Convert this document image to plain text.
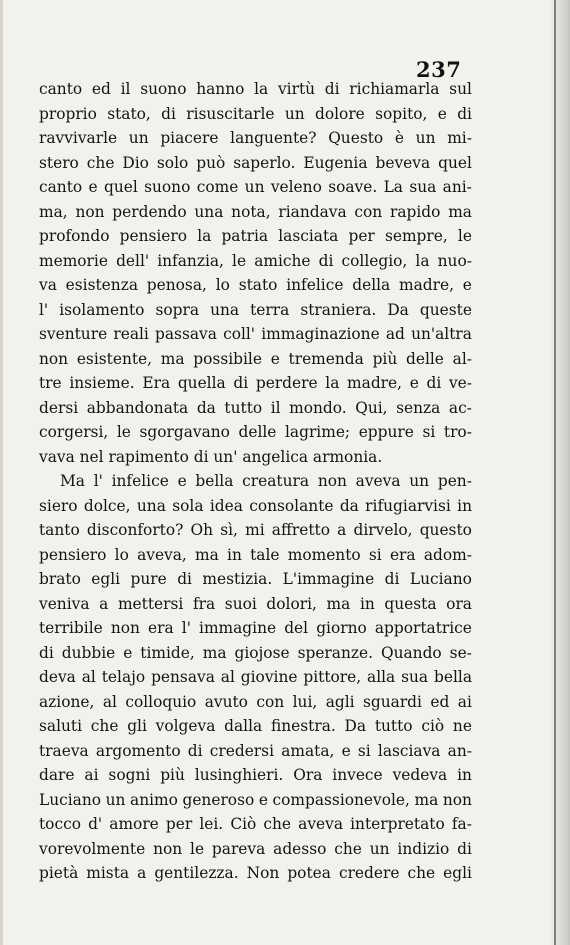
237
canto ed il suono hanno la virtù di richiamarla sul
proprio stato, di risuscitarle un dolore sopito, e di
ravvivarle un piacere languente? Questo è un mi-
stero che Dio solo può saperlo. Eugenia beveva quel
canto e quel suono come un veleno soave. La sua ani-
ma, non perdendo una nota, riandava con rapido ma
profondo pensiero la patria lasciata per sempre, le
memorie dell' infanzia, le amiche di collegio, la nuo-
va esistenza penosa, lo stato infelice della madre, e
l' isolamento sopra una terra straniera. Da queste
sventure reali passava coll' immaginazione ad un'altra
non esistente, ma possibile e tremenda più delle al-
tre insieme. Era quella di perdere la madre, e di ve-
dersi abbandonata da tutto il mondo. Qui, senza ac-
corgersi, le sgorgavano delle lagrime; eppure si tro-
vava nel rapimento di un' angelica armonia.
Ma l' infelice e bella creatura non aveva un pen-
siero dolce, una sola idea consolante da rifugiarvisi in
tanto disconforto? Oh sì, mi affretto a dirvelo, questo
pensiero lo aveva, ma in tale momento si era adom-
brato egli pure di mestizia. L'immagine di Luciano
veniva a mettersi fra suoi dolori, ma in questa ora
terribile non era l' immagine del giorno apportatrice
di dubbie e timide, ma giojose speranze. Quando se-
deva al telajo pensava al giovine pittore, alla sua bella
azione, al colloquio avuto con lui, agli sguardi ed ai
saluti che gli volgeva dalla finestra. Da tutto ciò ne
traeva argomento di credersi amata, e si lasciava an-
dare ai sogni più lusinghieri. Ora invece vedeva in
Luciano un animo generoso e compassionevole, ma non
tocco d' amore per lei. Ciò che aveva interpretato fa-
vorevolmente non le pareva adesso che un indizio di
pietà mista a gentilezza. Non potea credere che egli
